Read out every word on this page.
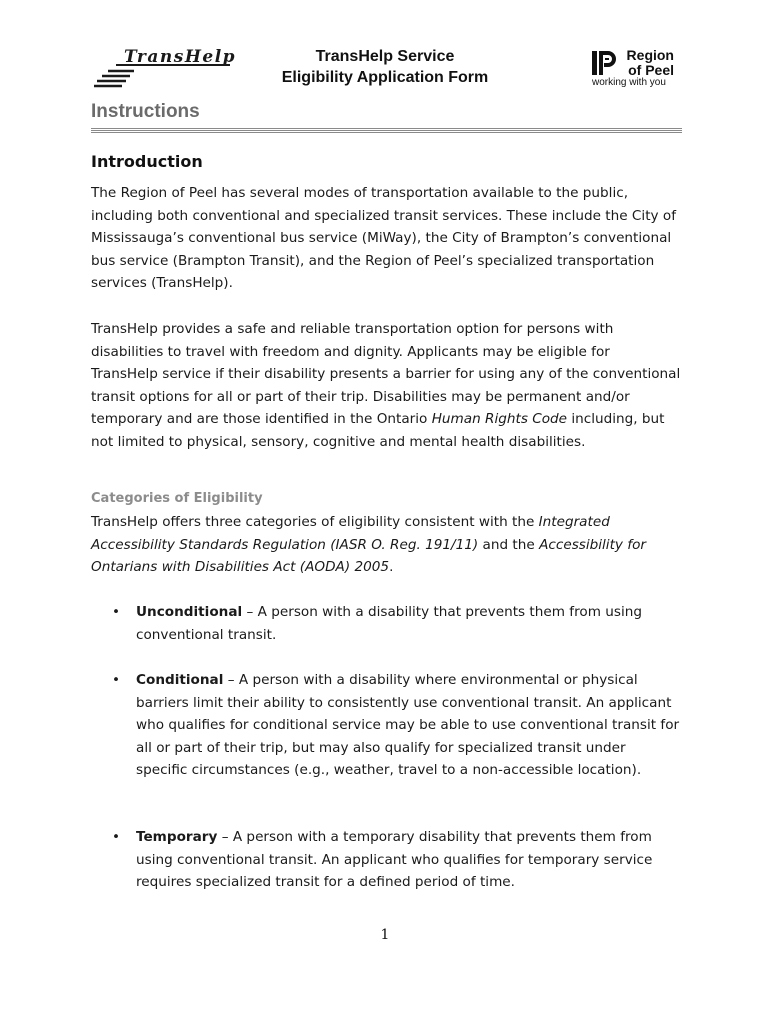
TransHelp	TransHelp Service
Eligibility Application Form
Region
of Peel
working with you
Instructions
Introduction
The Region of Peel has several modes of transportation available to the public, including both conventional and specialized transit services. These include the City of Mississauga’s conventional bus service (MiWay), the City of Brampton’s conventional bus service (Brampton Transit), and the Region of Peel’s specialized transportation services (TransHelp).
TransHelp provides a safe and reliable transportation option for persons with disabilities to travel with freedom and dignity. Applicants may be eligible for TransHelp service if their disability presents a barrier for using any of the conventional transit options for all or part of their trip. Disabilities may be permanent and/or temporary and are those identified in the Ontario Human Rights Code including, but not limited to physical, sensory, cognitive and mental health disabilities.
Categories of Eligibility
TransHelp offers three categories of eligibility consistent with the Integrated Accessibility Standards Regulation (IASR O. Reg. 191/11) and the Accessibility for Ontarians with Disabilities Act (AODA) 2005.
• Unconditional – A person with a disability that prevents them from using conventional transit.
• Conditional – A person with a disability where environmental or physical barriers limit their ability to consistently use conventional transit. An applicant who qualifies for conditional service may be able to use conventional transit for all or part of their trip, but may also qualify for specialized transit under specific circumstances (e.g., weather, travel to a non-accessible location).
• Temporary – A person with a temporary disability that prevents them from using conventional transit. An applicant who qualifies for temporary service requires specialized transit for a defined period of time.
1
